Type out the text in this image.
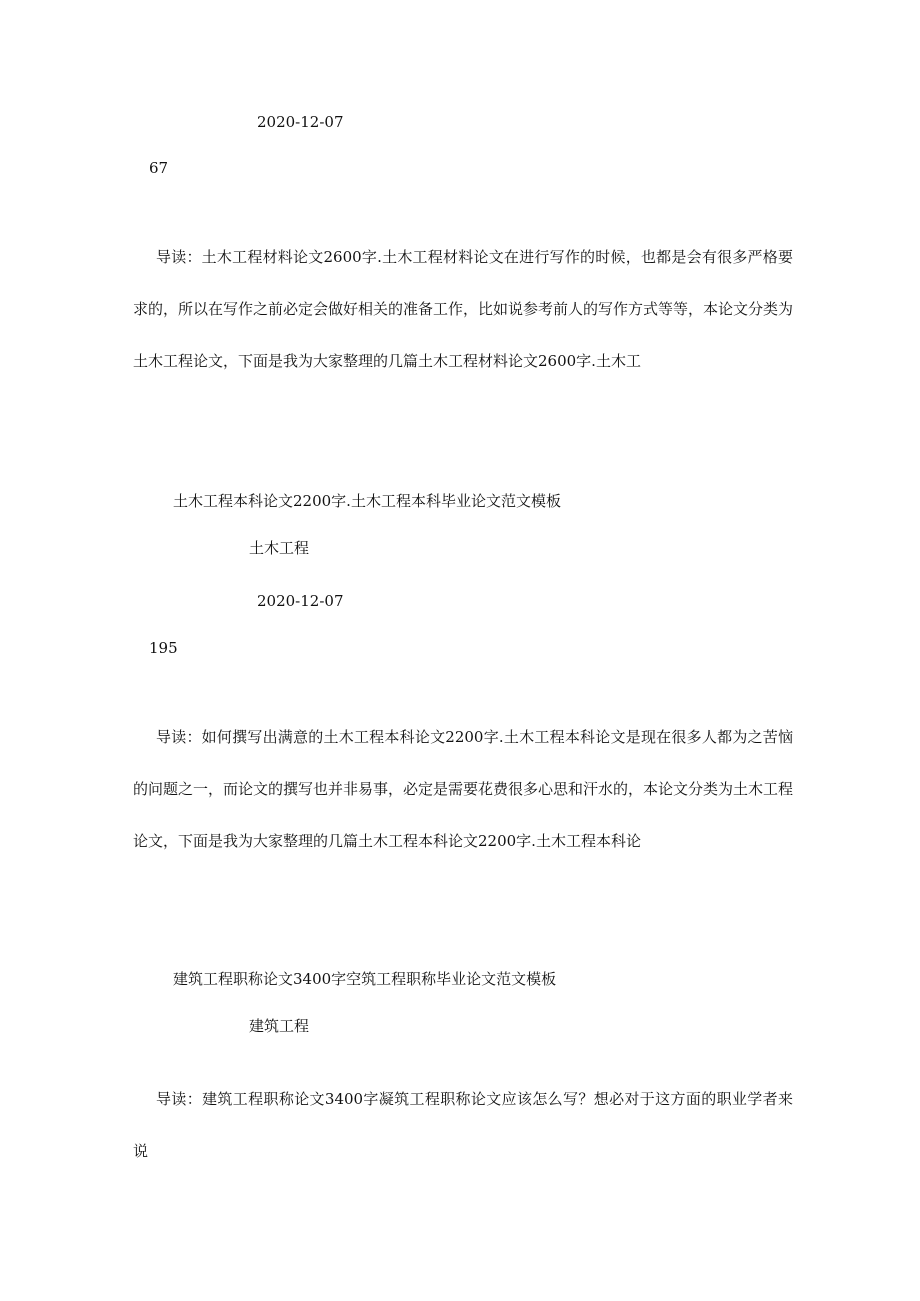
2020-12-07

67

导读：土木工程材料论文2600字.土木工程材料论文在进行写作的时候，也都是会有很多严格要求的，所以在写作之前必定会做好相关的准备工作，比如说参考前人的写作方式等等，本论文分类为土木工程论文，下面是我为大家整理的几篇土木工程材料论文2600字.土木工

土木工程本科论文2200字.土木工程本科毕业论文范文模板

土木工程

2020-12-07

195

导读：如何撰写出满意的土木工程本科论文2200字.土木工程本科论文是现在很多人都为之苦恼的问题之一，而论文的撰写也并非易事，必定是需要花费很多心思和汗水的，本论文分类为土木工程论文，下面是我为大家整理的几篇土木工程本科论文2200字.土木工程本科论

建筑工程职称论文3400字空筑工程职称毕业论文范文模板

建筑工程

导读：建筑工程职称论文3400字凝筑工程职称论文应该怎么写？想必对于这方面的职业学者来说
